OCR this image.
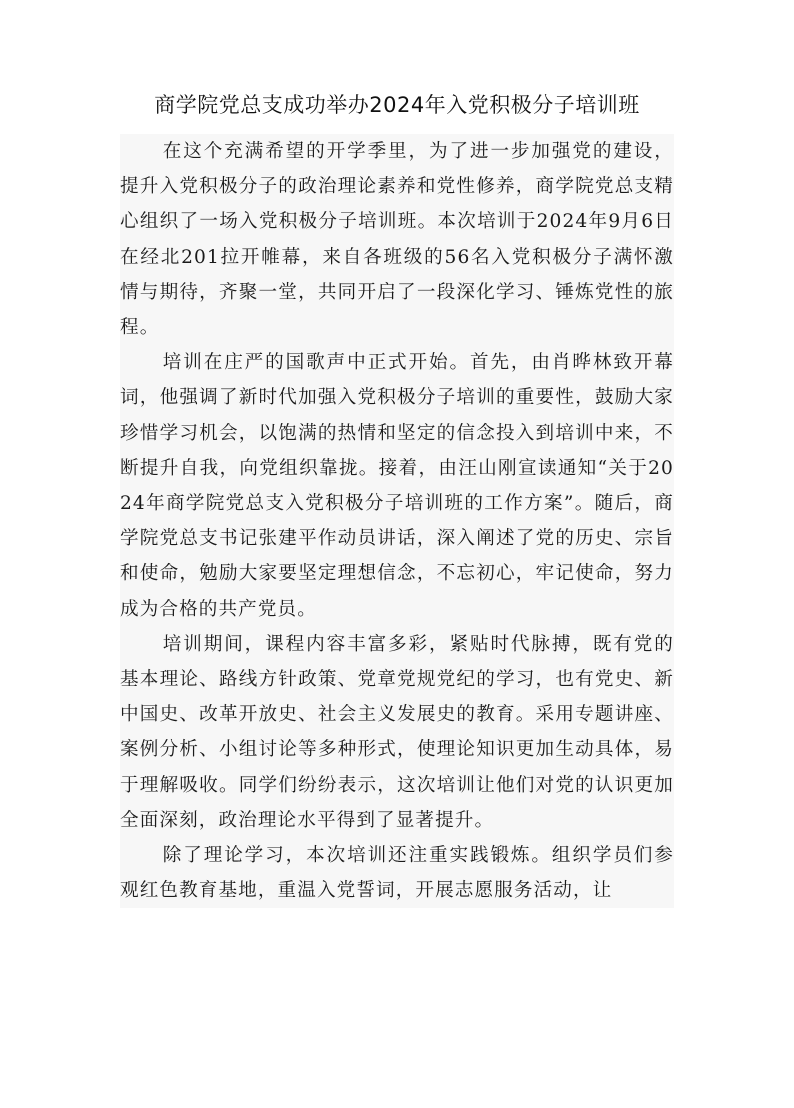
商学院党总支成功举办2024年入党积极分子培训班

在这个充满希望的开学季里，为了进一步加强党的建设，提升入党积极分子的政治理论素养和党性修养，商学院党总支精心组织了一场入党积极分子培训班。本次培训于2024年9月6日在经北201拉开帷幕，来自各班级的56名入党积极分子满怀激情与期待，齐聚一堂，共同开启了一段深化学习、锤炼党性的旅程。

培训在庄严的国歌声中正式开始。首先，由肖晔林致开幕词，他强调了新时代加强入党积极分子培训的重要性，鼓励大家珍惜学习机会，以饱满的热情和坚定的信念投入到培训中来，不断提升自我，向党组织靠拢。接着，由汪山刚宣读通知“关于2024年商学院党总支入党积极分子培训班的工作方案”。随后，商学院党总支书记张建平作动员讲话，深入阐述了党的历史、宗旨和使命，勉励大家要坚定理想信念，不忘初心，牢记使命，努力成为合格的共产党员。

培训期间，课程内容丰富多彩，紧贴时代脉搏，既有党的基本理论、路线方针政策、党章党规党纪的学习，也有党史、新中国史、改革开放史、社会主义发展史的教育。采用专题讲座、案例分析、小组讨论等多种形式，使理论知识更加生动具体，易于理解吸收。同学们纷纷表示，这次培训让他们对党的认识更加全面深刻，政治理论水平得到了显著提升。

除了理论学习，本次培训还注重实践锻炼。组织学员们参观红色教育基地，重温入党誓词，开展志愿服务活动，让
